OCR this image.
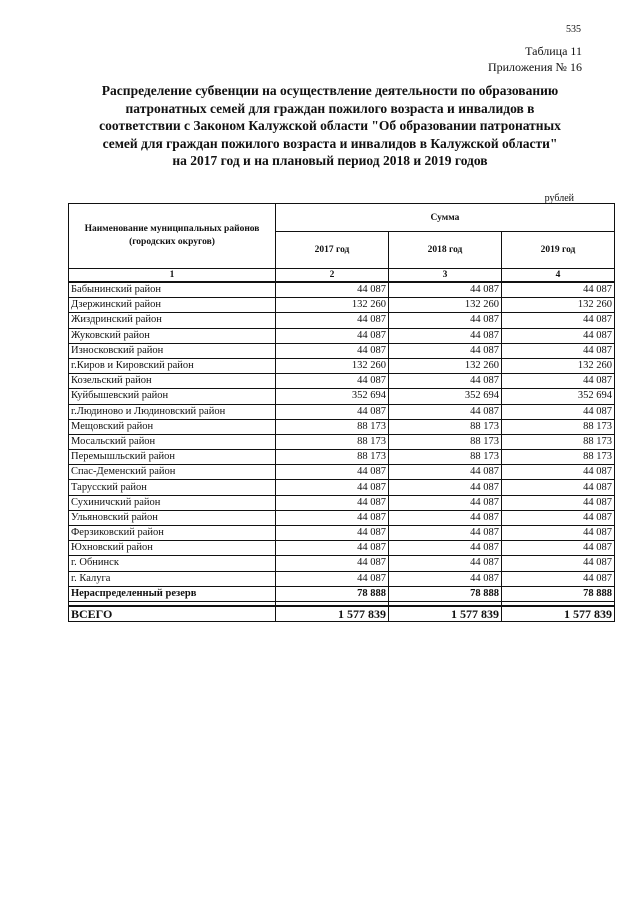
535
Таблица 11
Приложения № 16
Распределение субвенции на осуществление деятельности по образованию
патронатных семей для граждан пожилого возраста и инвалидов в
соответствии с Законом Калужской области "Об образовании патронатных
семей для граждан пожилого возраста и инвалидов в Калужской области"
на 2017 год и на плановый период 2018 и 2019 годов
рублей
Наименование муниципальных районов (городских округов)	Сумма		
	2017 год	2018 год	2019 год
1	2	3	4
Бабынинский район	44 087	44 087	44 087
Дзержинский район	132 260	132 260	132 260
Жиздринский район	44 087	44 087	44 087
Жуковский район	44 087	44 087	44 087
Износковский район	44 087	44 087	44 087
г.Киров и Кировский район	132 260	132 260	132 260
Козельский район	44 087	44 087	44 087
Куйбышевский район	352 694	352 694	352 694
г.Людиново и Людиновский район	44 087	44 087	44 087
Мещовский район	88 173	88 173	88 173
Мосальский район	88 173	88 173	88 173
Перемышльский район	88 173	88 173	88 173
Спас-Деменский район	44 087	44 087	44 087
Тарусский район	44 087	44 087	44 087
Сухиничский район	44 087	44 087	44 087
Ульяновский район	44 087	44 087	44 087
Ферзиковский район	44 087	44 087	44 087
Юхновский район	44 087	44 087	44 087
г. Обнинск	44 087	44 087	44 087
г. Калуга	44 087	44 087	44 087
Нераспределенный резерв	78 888	78 888	78 888

ВСЕГО	1 577 839	1 577 839	1 577 839
